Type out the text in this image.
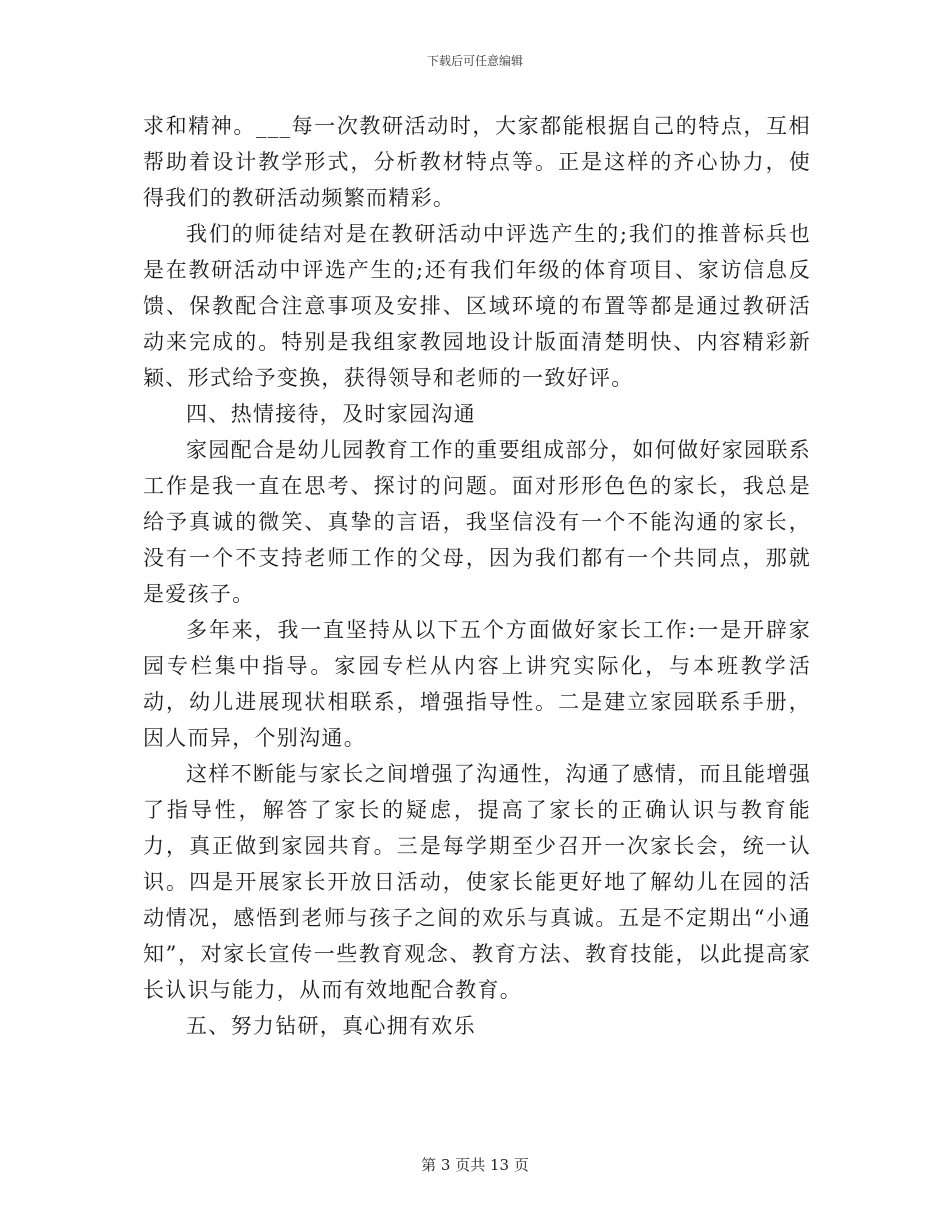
下载后可任意编辑

求和精神。___每一次教研活动时，大家都能根据自己的特点，互相帮助着设计教学形式，分析教材特点等。正是这样的齐心协力，使得我们的教研活动频繁而精彩。

我们的师徒结对是在教研活动中评选产生的;我们的推普标兵也是在教研活动中评选产生的;还有我们年级的体育项目、家访信息反馈、保教配合注意事项及安排、区域环境的布置等都是通过教研活动来完成的。特别是我组家教园地设计版面清楚明快、内容精彩新颖、形式给予变换，获得领导和老师的一致好评。

四、热情接待，及时家园沟通

家园配合是幼儿园教育工作的重要组成部分，如何做好家园联系工作是我一直在思考、探讨的问题。面对形形色色的家长，我总是给予真诚的微笑、真挚的言语，我坚信没有一个不能沟通的家长，没有一个不支持老师工作的父母，因为我们都有一个共同点，那就是爱孩子。

多年来，我一直坚持从以下五个方面做好家长工作:一是开辟家园专栏集中指导。家园专栏从内容上讲究实际化，与本班教学活动，幼儿进展现状相联系，增强指导性。二是建立家园联系手册，因人而异，个别沟通。

这样不断能与家长之间增强了沟通性，沟通了感情，而且能增强了指导性，解答了家长的疑虑，提高了家长的正确认识与教育能力，真正做到家园共育。三是每学期至少召开一次家长会，统一认识。四是开展家长开放日活动，使家长能更好地了解幼儿在园的活动情况，感悟到老师与孩子之间的欢乐与真诚。五是不定期出“小通知”，对家长宣传一些教育观念、教育方法、教育技能，以此提高家长认识与能力，从而有效地配合教育。

五、努力钻研，真心拥有欢乐

第 3 页共 13 页
